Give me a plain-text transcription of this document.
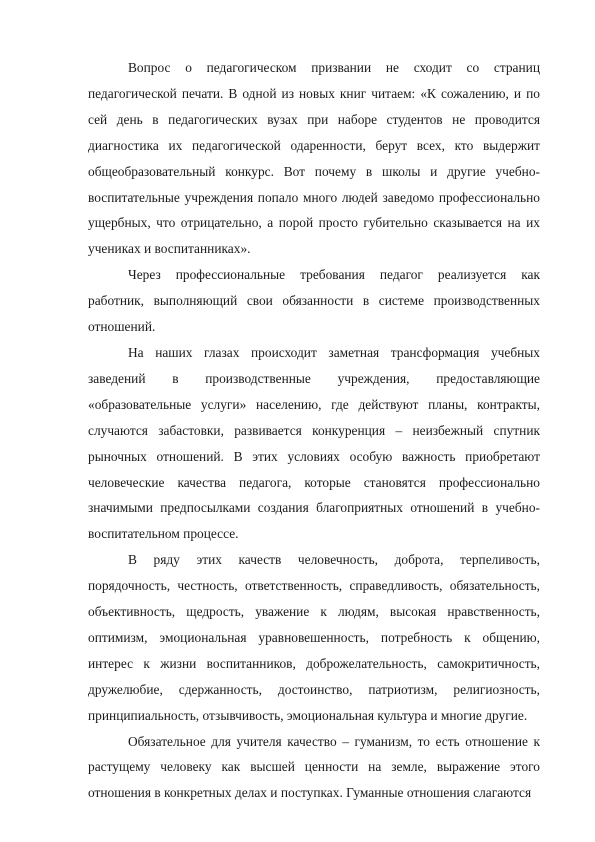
Вопрос о педагогическом призвании не сходит со страниц педагогической печати. В одной из новых книг читаем: «К сожалению, и по сей день в педагогических вузах при наборе студентов не проводится диагностика их педагогической одаренности, берут всех, кто выдержит общеобразовательный конкурс. Вот почему в школы и другие учебно-воспитательные учреждения попало много людей заведомо профессионально ущербных, что отрицательно, а порой просто губительно сказывается на их учениках и воспитанниках».

Через профессиональные требования педагог реализуется как работник, выполняющий свои обязанности в системе производственных отношений.

На наших глазах происходит заметная трансформация учебных заведений в производственные учреждения, предоставляющие «образовательные услуги» населению, где действуют планы, контракты, случаются забастовки, развивается конкуренция – неизбежный спутник рыночных отношений. В этих условиях особую важность приобретают человеческие качества педагога, которые становятся профессионально значимыми предпосылками создания благоприятных отношений в учебно-воспитательном процессе.

В ряду этих качеств человечность, доброта, терпеливость, порядочность, честность, ответственность, справедливость, обязательность, объективность, щедрость, уважение к людям, высокая нравственность, оптимизм, эмоциональная уравновешенность, потребность к общению, интерес к жизни воспитанников, доброжелательность, самокритичность, дружелюбие, сдержанность, достоинство, патриотизм, религиозность, принципиальность, отзывчивость, эмоциональная культура и многие другие.

Обязательное для учителя качество – гуманизм, то есть отношение к растущему человеку как высшей ценности на земле, выражение этого отношения в конкретных делах и поступках. Гуманные отношения слагаются
